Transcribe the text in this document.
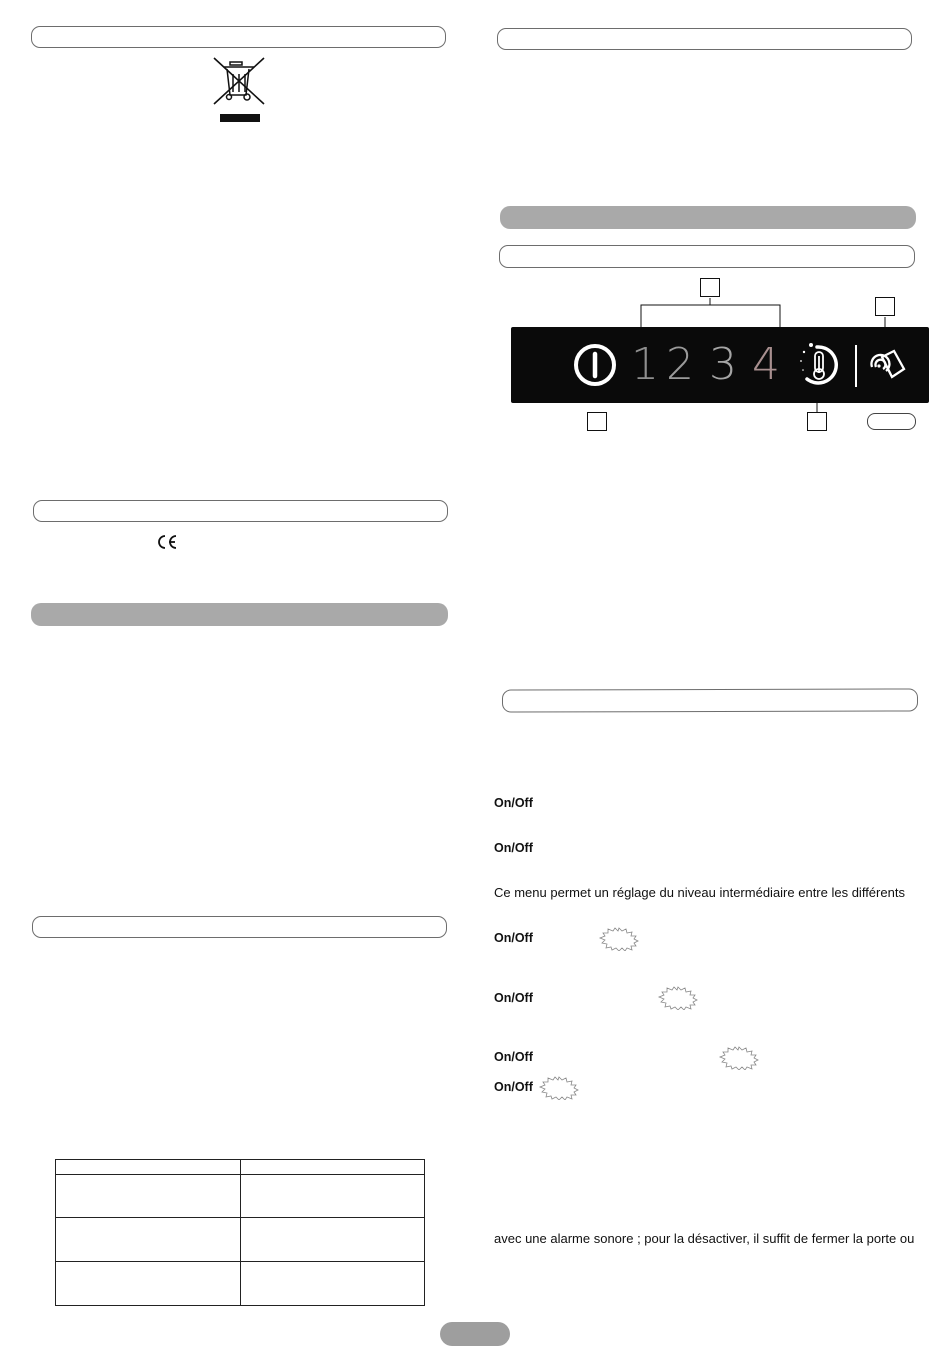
1 2 3 4
On/Off
On/Off
Ce menu permet un réglage du niveau intermédiaire entre les différents
On/Off
On/Off
On/Off
On/Off
avec une alarme sonore ; pour la désactiver, il suffit de fermer la porte ou
